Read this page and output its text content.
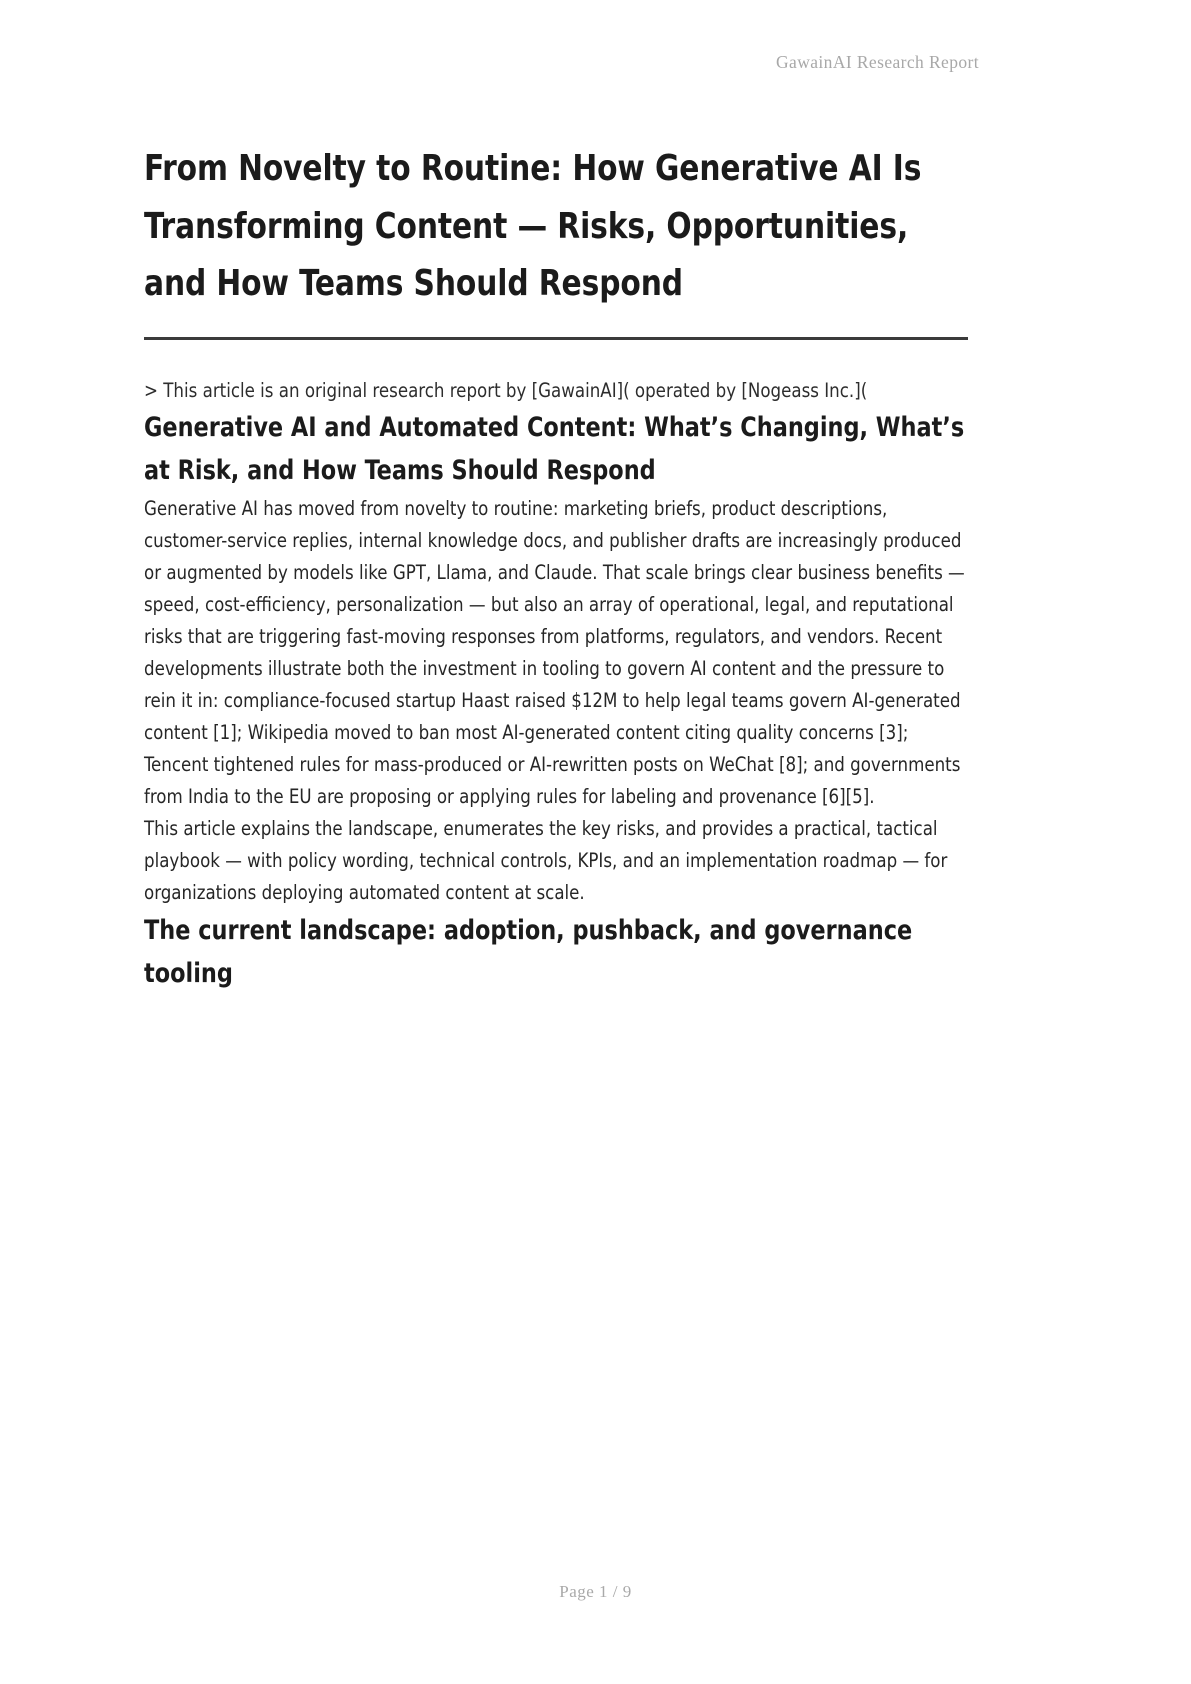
GawainAI Research Report
From Novelty to Routine: How Generative AI Is Transforming Content — Risks, Opportunities, and How Teams Should Respond
> This article is an original research report by [GawainAI]( operated by [Nogeass Inc.](
Generative AI and Automated Content: What’s Changing, What’s at Risk, and How Teams Should Respond

Generative AI has moved from novelty to routine: marketing briefs, product descriptions, customer-service replies, internal knowledge docs, and publisher drafts are increasingly produced or augmented by models like GPT, Llama, and Claude. That scale brings clear business benefits — speed, cost-efficiency, personalization — but also an array of operational, legal, and reputational risks that are triggering fast-moving responses from platforms, regulators, and vendors. Recent developments illustrate both the investment in tooling to govern AI content and the pressure to rein it in: compliance-focused startup Haast raised $12M to help legal teams govern AI-generated content [1]; Wikipedia moved to ban most AI-generated content citing quality concerns [3]; Tencent tightened rules for mass-produced or AI-rewritten posts on WeChat [8]; and governments from India to the EU are proposing or applying rules for labeling and provenance [6][5].

This article explains the landscape, enumerates the key risks, and provides a practical, tactical playbook — with policy wording, technical controls, KPIs, and an implementation roadmap — for organizations deploying automated content at scale.

The current landscape: adoption, pushback, and governance tooling
Page 1 / 9
